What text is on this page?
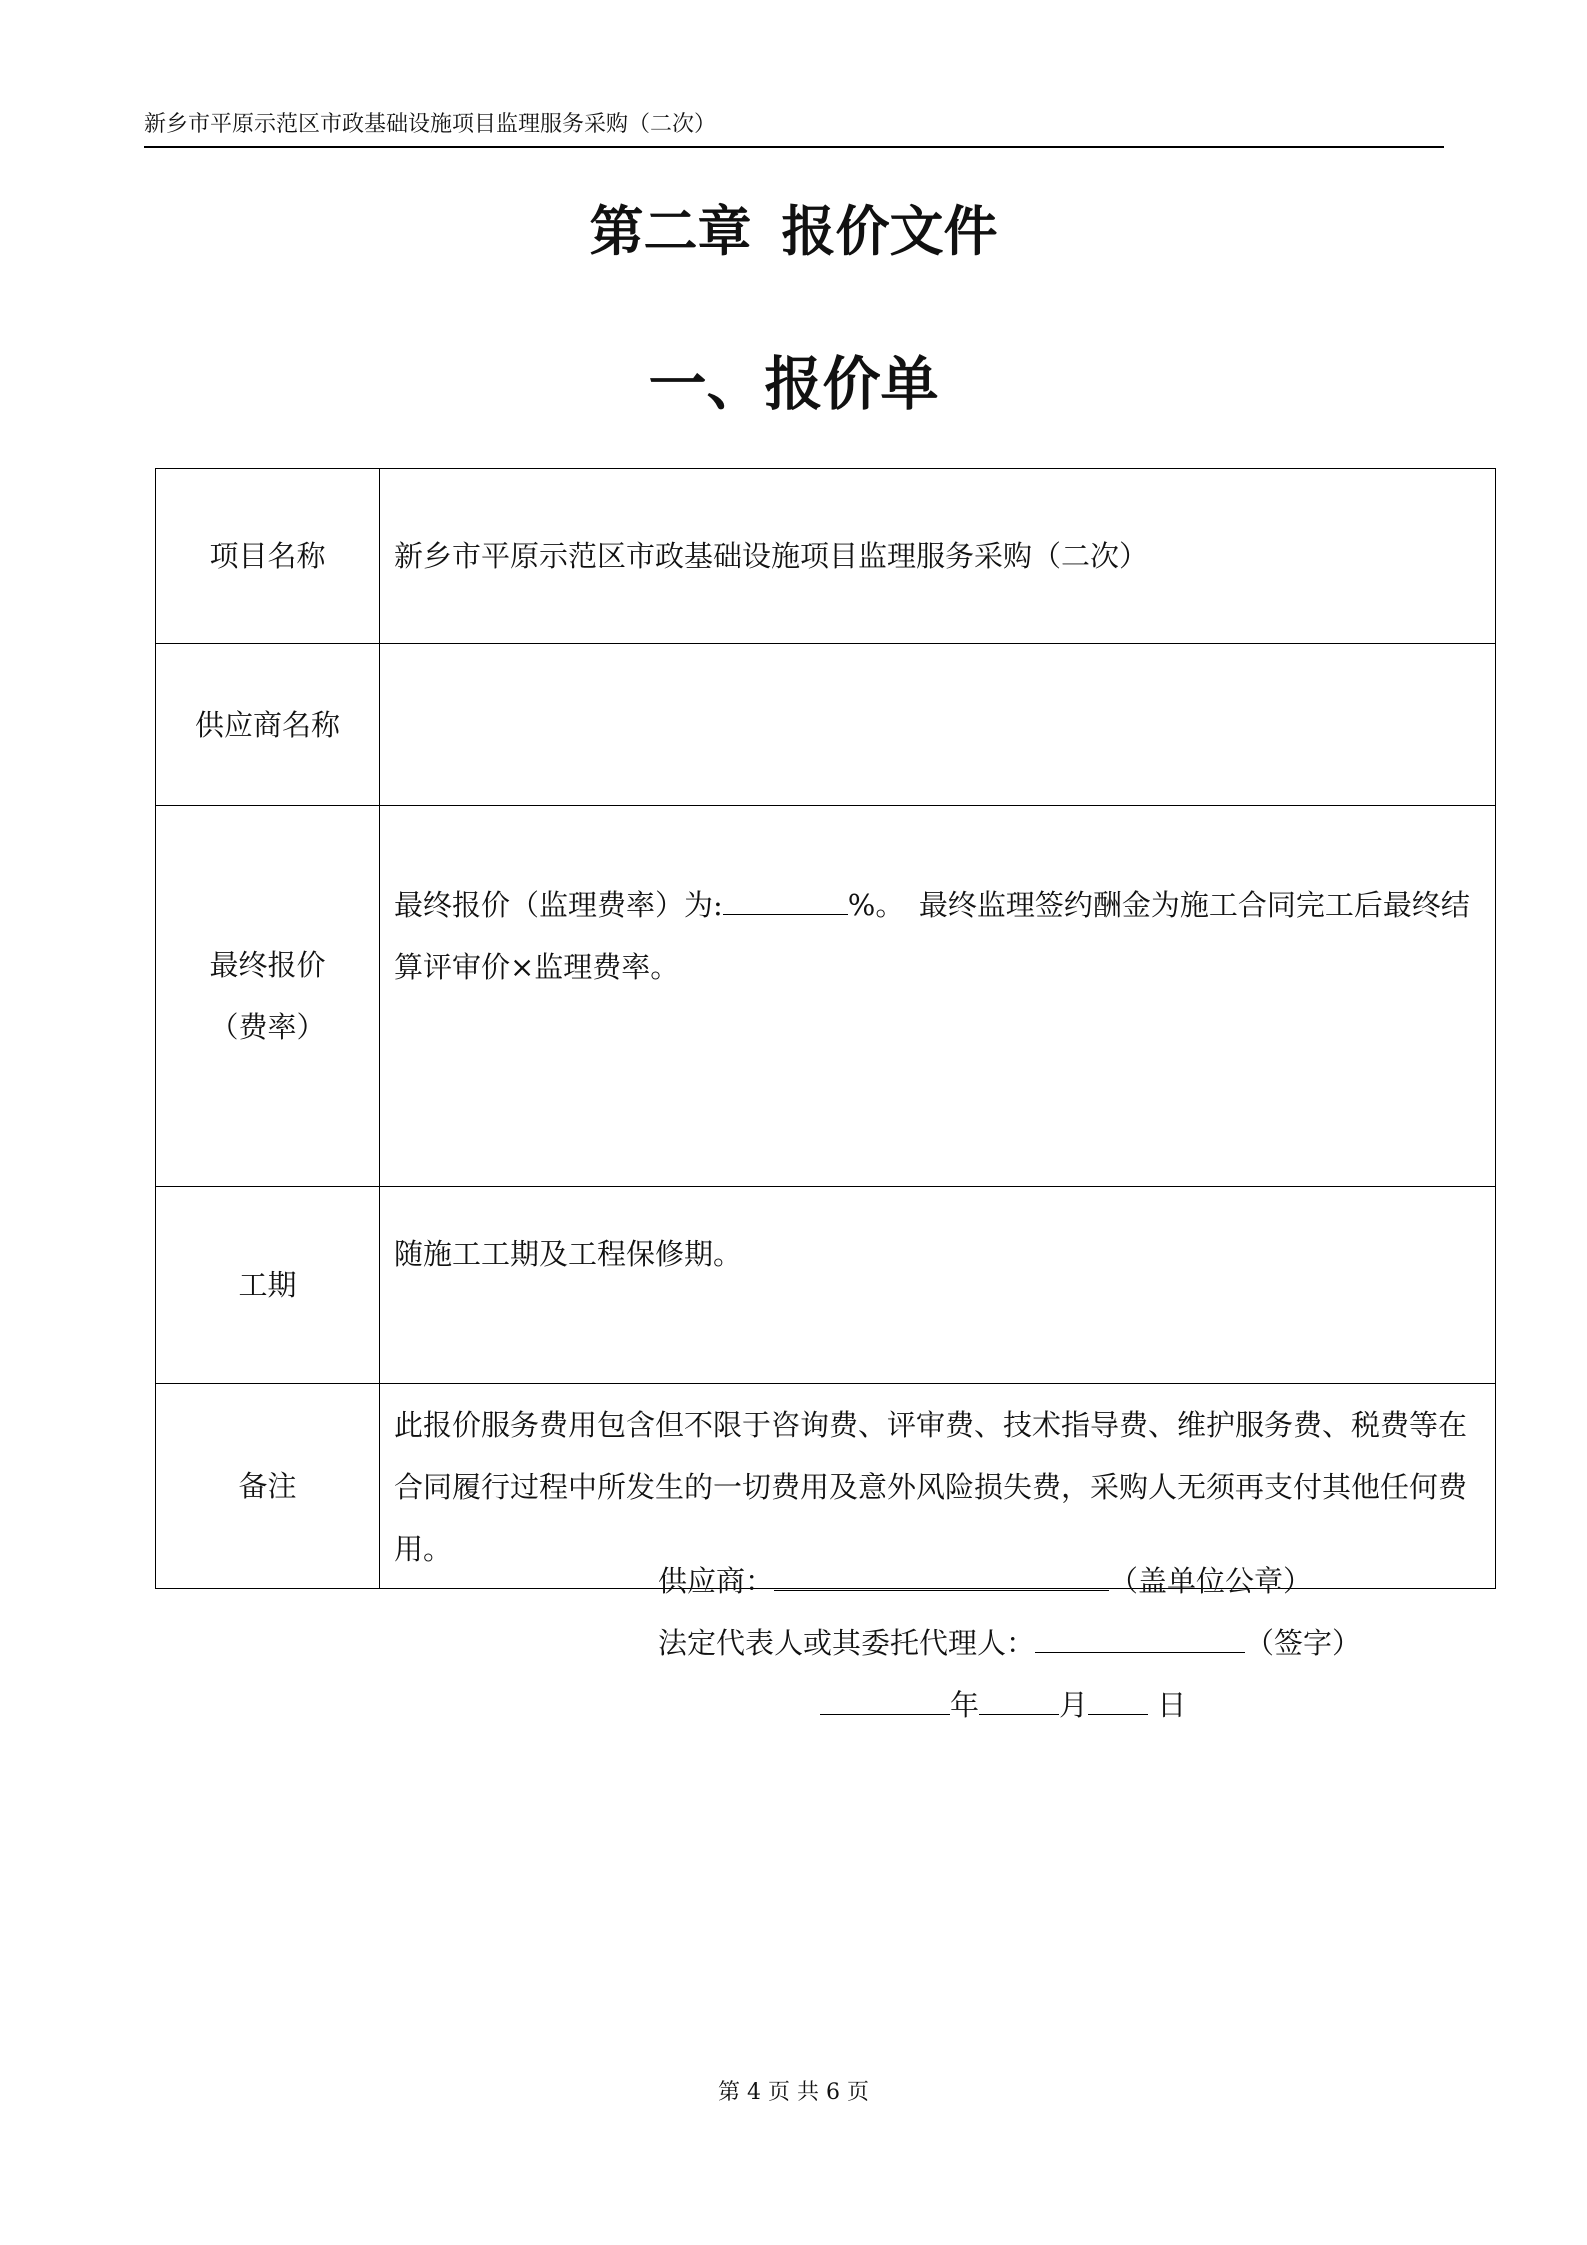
新乡市平原示范区市政基础设施项目监理服务采购（二次）
第二章 报价文件
一、报价单
项目名称	新乡市平原示范区市政基础设施项目监理服务采购（二次）
供应商名称	

最终报价
（费率）	最终报价（监理费率）为: %。　最终监理签约酬金为施工合同完工后最终结算评审价×监理费率。
工期	随施工工期及工程保修期。
备注	此报价服务费用包含但不限于咨询费、评审费、技术指导费、维护服务费、税费等在合同履行过程中所发生的一切费用及意外风险损失费，采购人无须再支付其他任何费用。
供应商：	（盖单位公章）
法定代表人或其委托代理人：	（签字）
年	月 日
第 4 页 共 6 页
